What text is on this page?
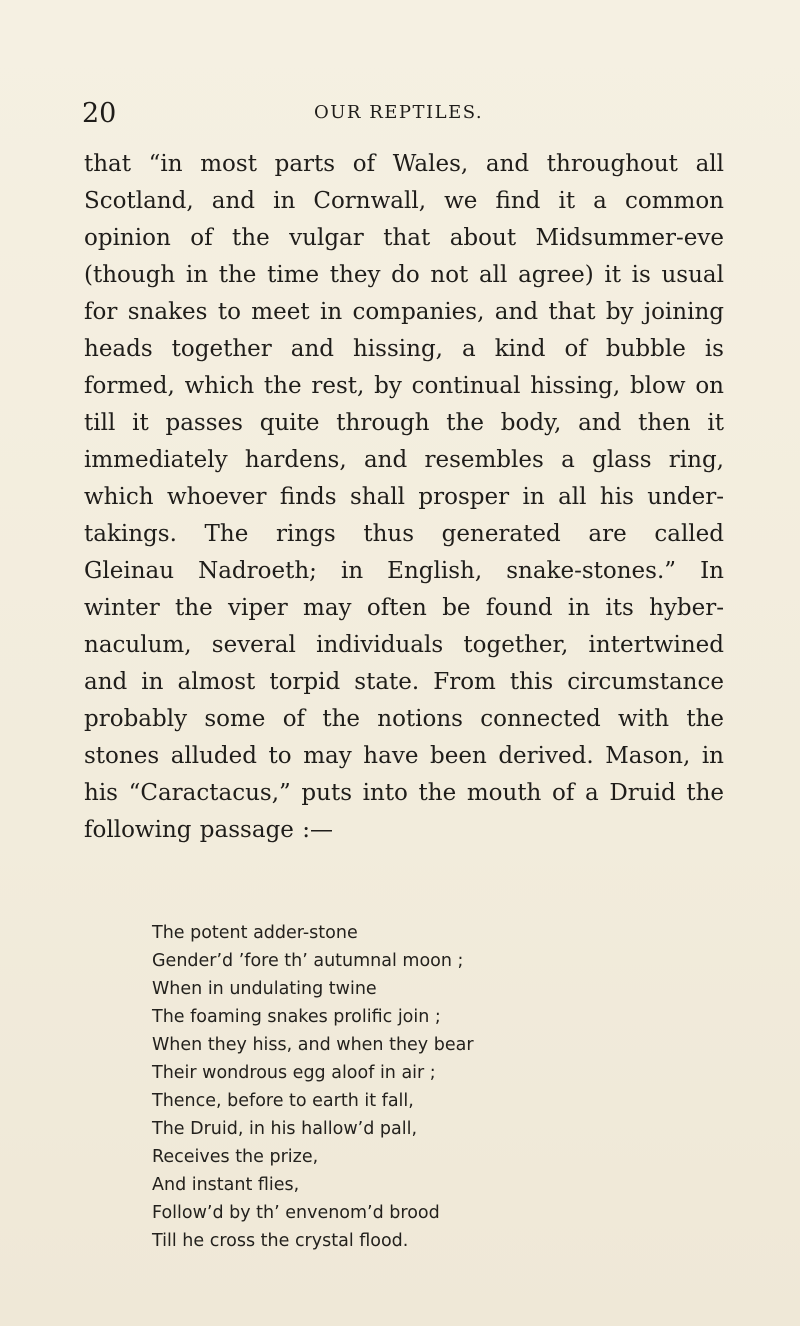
20	OUR REPTILES.
that “in most parts of Wales, and throughout all
Scotland, and in Cornwall, we find it a common
opinion of the vulgar that about Midsummer-eve
(though in the time they do not all agree) it is usual
for snakes to meet in companies, and that by joining
heads together and hissing, a kind of bubble is
formed, which the rest, by continual hissing, blow on
till it passes quite through the body, and then it
immediately hardens, and resembles a glass ring,
which whoever finds shall prosper in all his under-
takings. The rings thus generated are called
Gleinau Nadroeth; in English, snake-stones.” In
winter the viper may often be found in its hyber-
naculum, several individuals together, intertwined
and in almost torpid state. From this circumstance
probably some of the notions connected with the
stones alluded to may have been derived. Mason, in
his “Caractacus,” puts into the mouth of a Druid the
following passage :—
The potent adder-stone
Gender’d ’fore th’ autumnal moon ;
When in undulating twine
The foaming snakes prolific join ;
When they hiss, and when they bear
Their wondrous egg aloof in air ;
Thence, before to earth it fall,
The Druid, in his hallow’d pall,
Receives the prize,
And instant flies,
Follow’d by th’ envenom’d brood
Till he cross the crystal flood.
